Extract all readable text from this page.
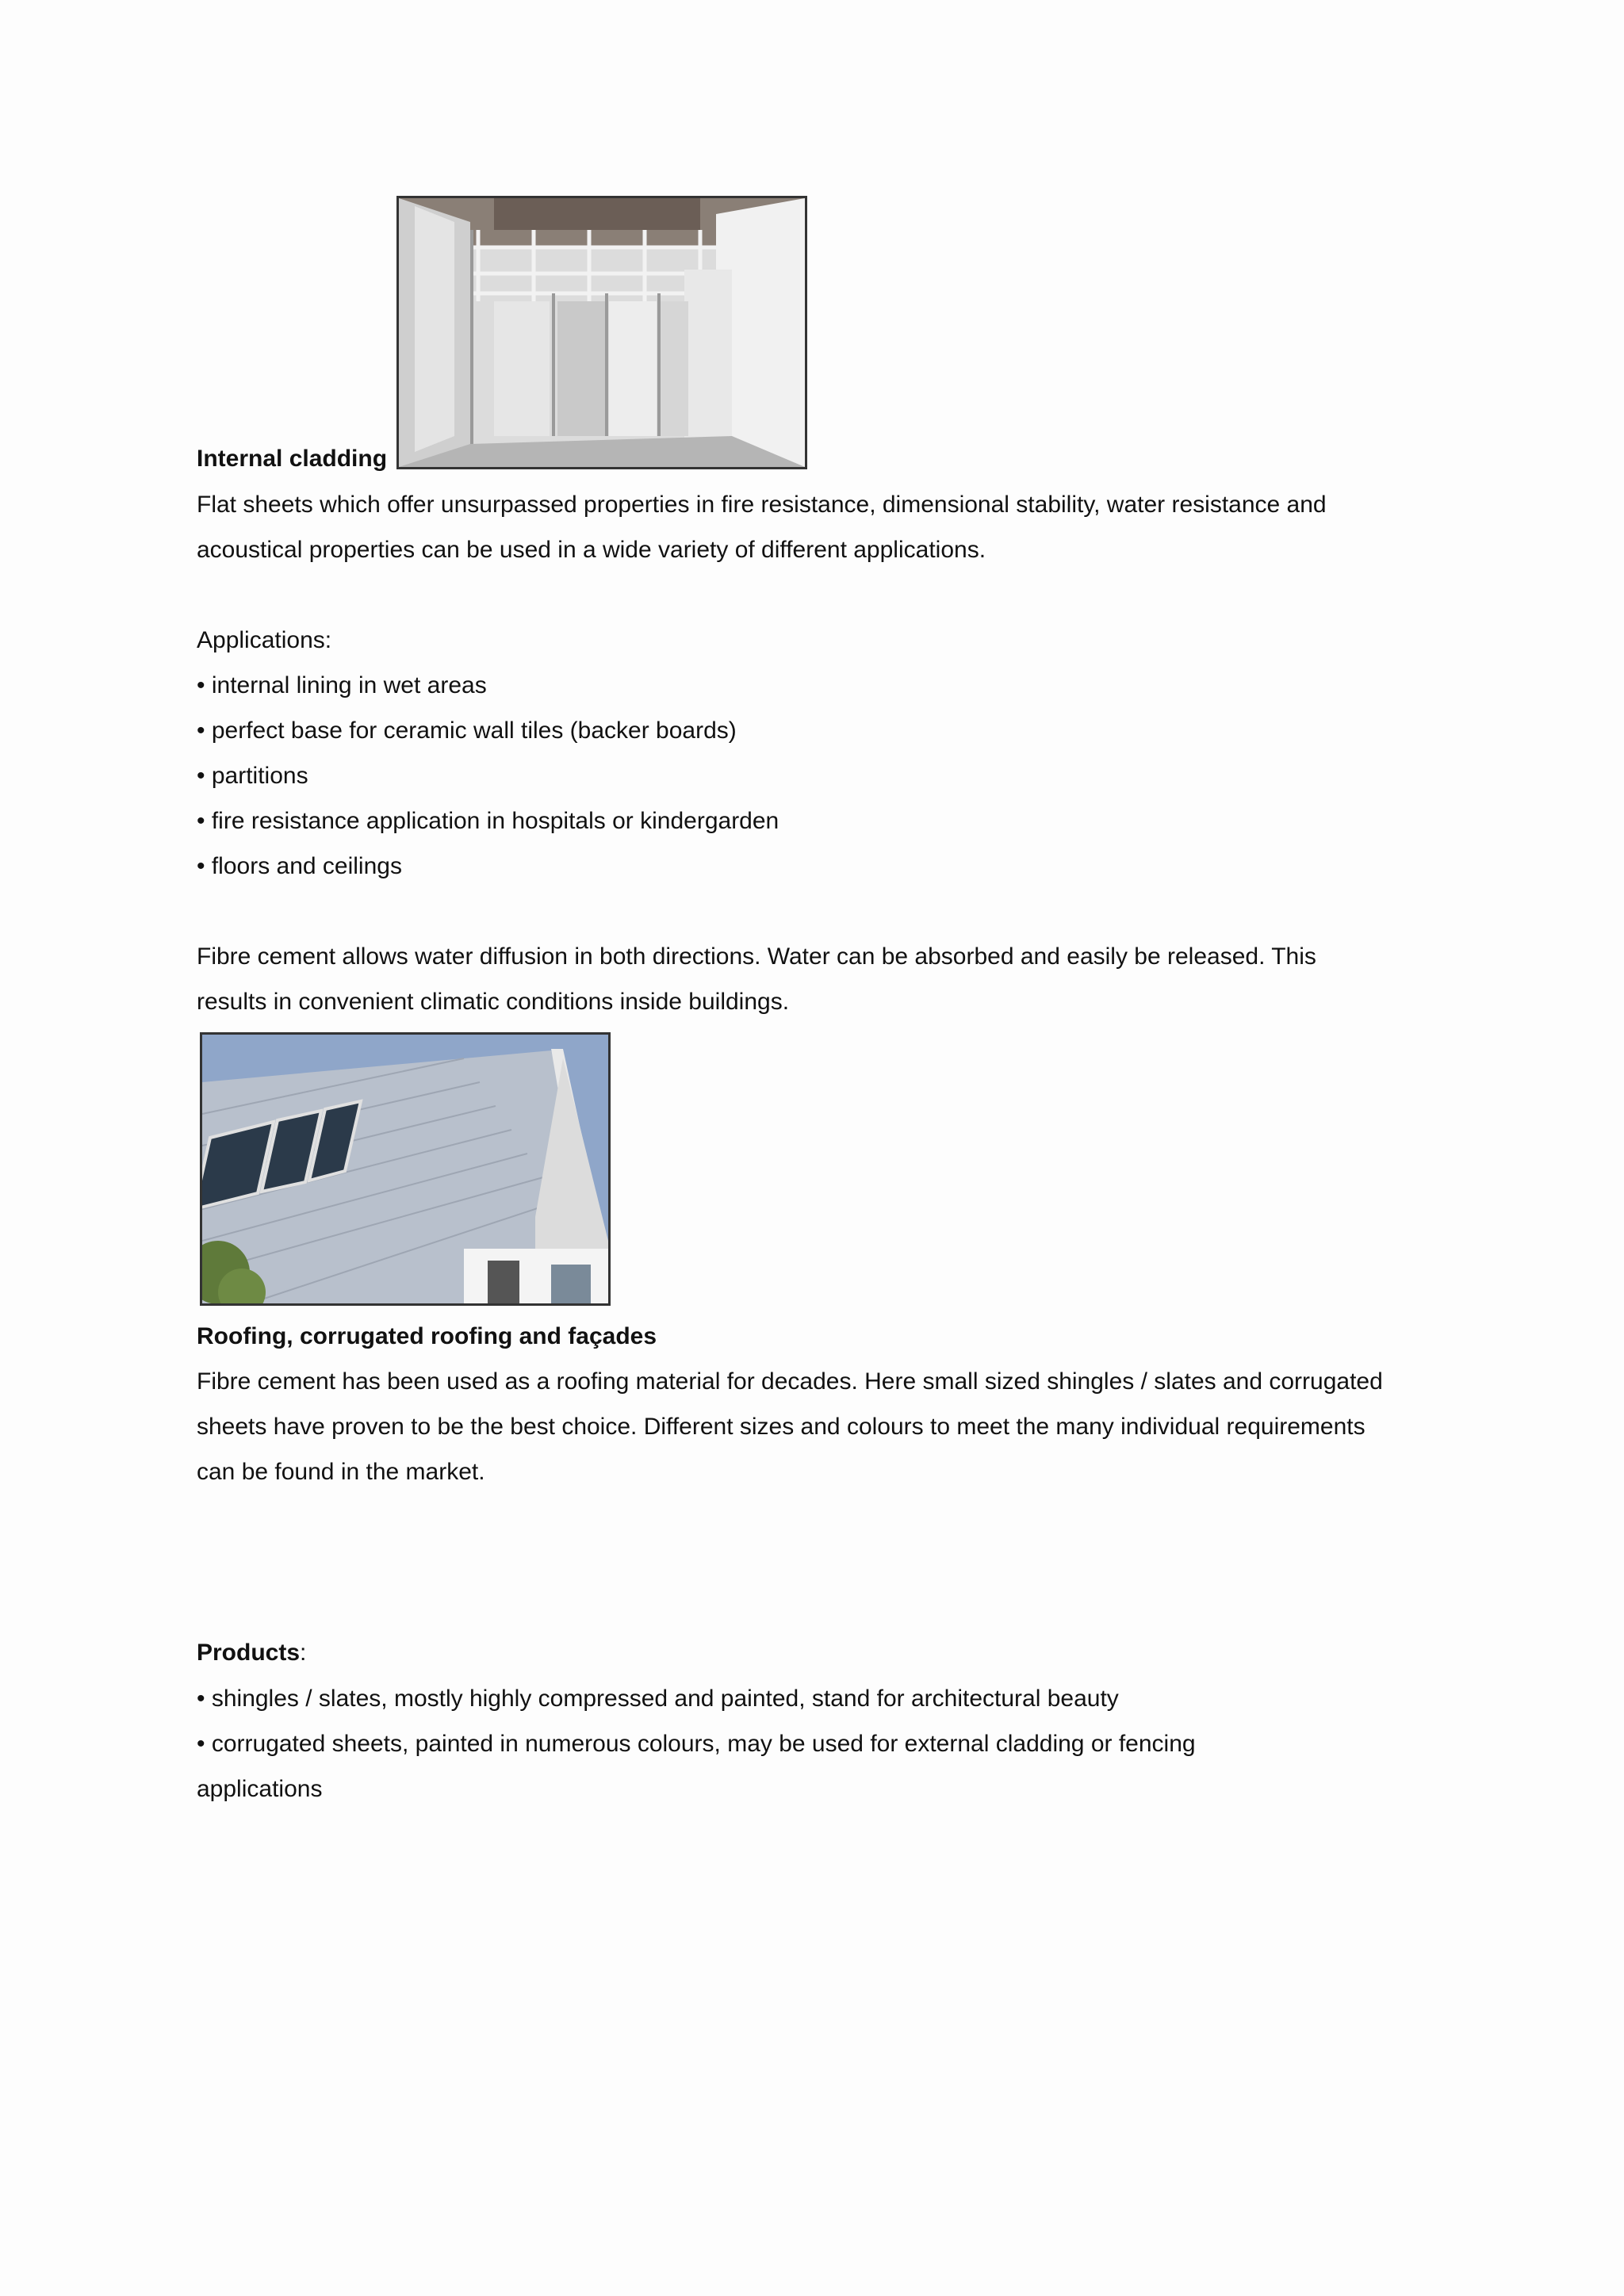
Internal cladding
Flat sheets which offer unsurpassed properties in fire resistance, dimensional stability, water resistance and
acoustical properties can be used in a wide variety of different applications.
Applications:
• internal lining in wet areas
• perfect base for ceramic wall tiles (backer boards)
• partitions
• fire resistance application in hospitals or kindergarden
• floors and ceilings
Fibre cement allows water diffusion in both directions. Water can be absorbed and easily be released. This
results in convenient climatic conditions inside buildings.
Roofing, corrugated roofing and façades
Fibre cement has been used as a roofing material for decades. Here small sized shingles / slates and corrugated
sheets have proven to be the best choice. Different sizes and colours to meet the many individual requirements
can be found in the market.
Products:
• shingles / slates, mostly highly compressed and painted, stand for architectural beauty
• corrugated sheets, painted in numerous colours, may be used for external cladding or fencing
applications
